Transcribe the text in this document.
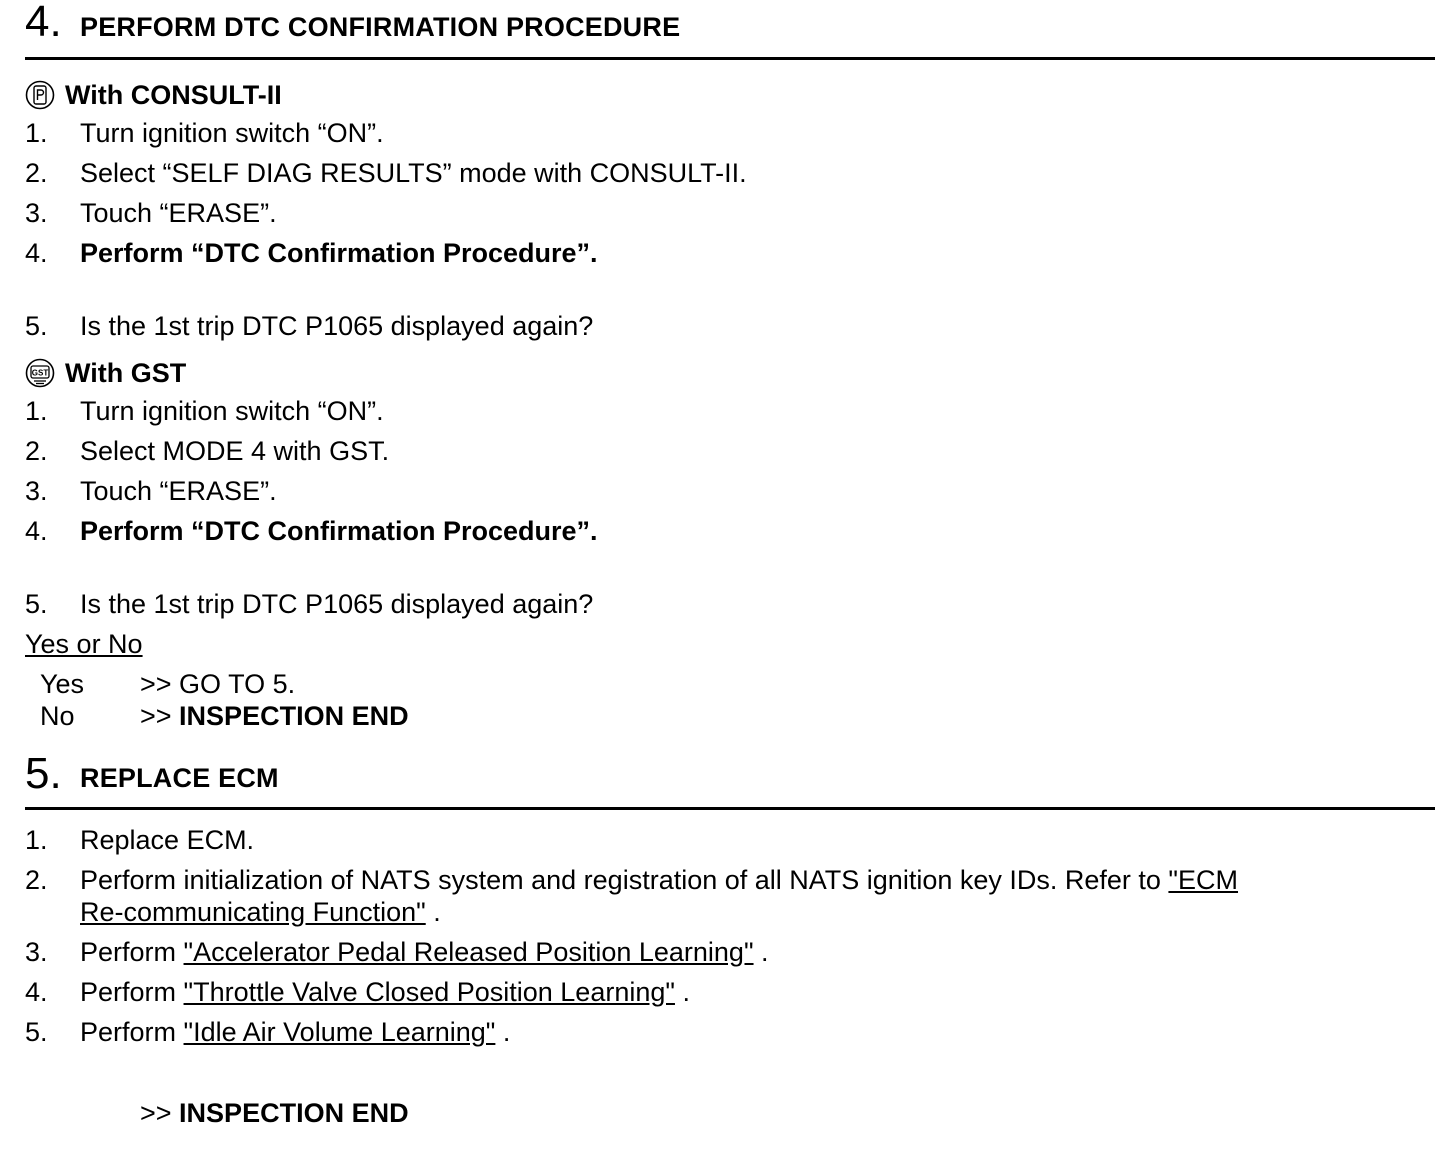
4. PERFORM DTC CONFIRMATION PROCEDURE
With CONSULT-II
1. Turn ignition switch “ON”.
2. Select “SELF DIAG RESULTS” mode with CONSULT-II.
3. Touch “ERASE”.
4. Perform “DTC Confirmation Procedure”.
5. Is the 1st trip DTC P1065 displayed again?
GST With GST
1. Turn ignition switch “ON”.
2. Select MODE 4 with GST.
3. Touch “ERASE”.
4. Perform “DTC Confirmation Procedure”.
5. Is the 1st trip DTC P1065 displayed again?
Yes or No
Yes >> GO TO 5.
No >> INSPECTION END
5. REPLACE ECM
1. Replace ECM.
2. Perform initialization of NATS system and registration of all NATS ignition key IDs. Refer to "ECM
Re-communicating Function" .
3. Perform "Accelerator Pedal Released Position Learning" .
4. Perform "Throttle Valve Closed Position Learning" .
5. Perform "Idle Air Volume Learning" .
>> INSPECTION END
